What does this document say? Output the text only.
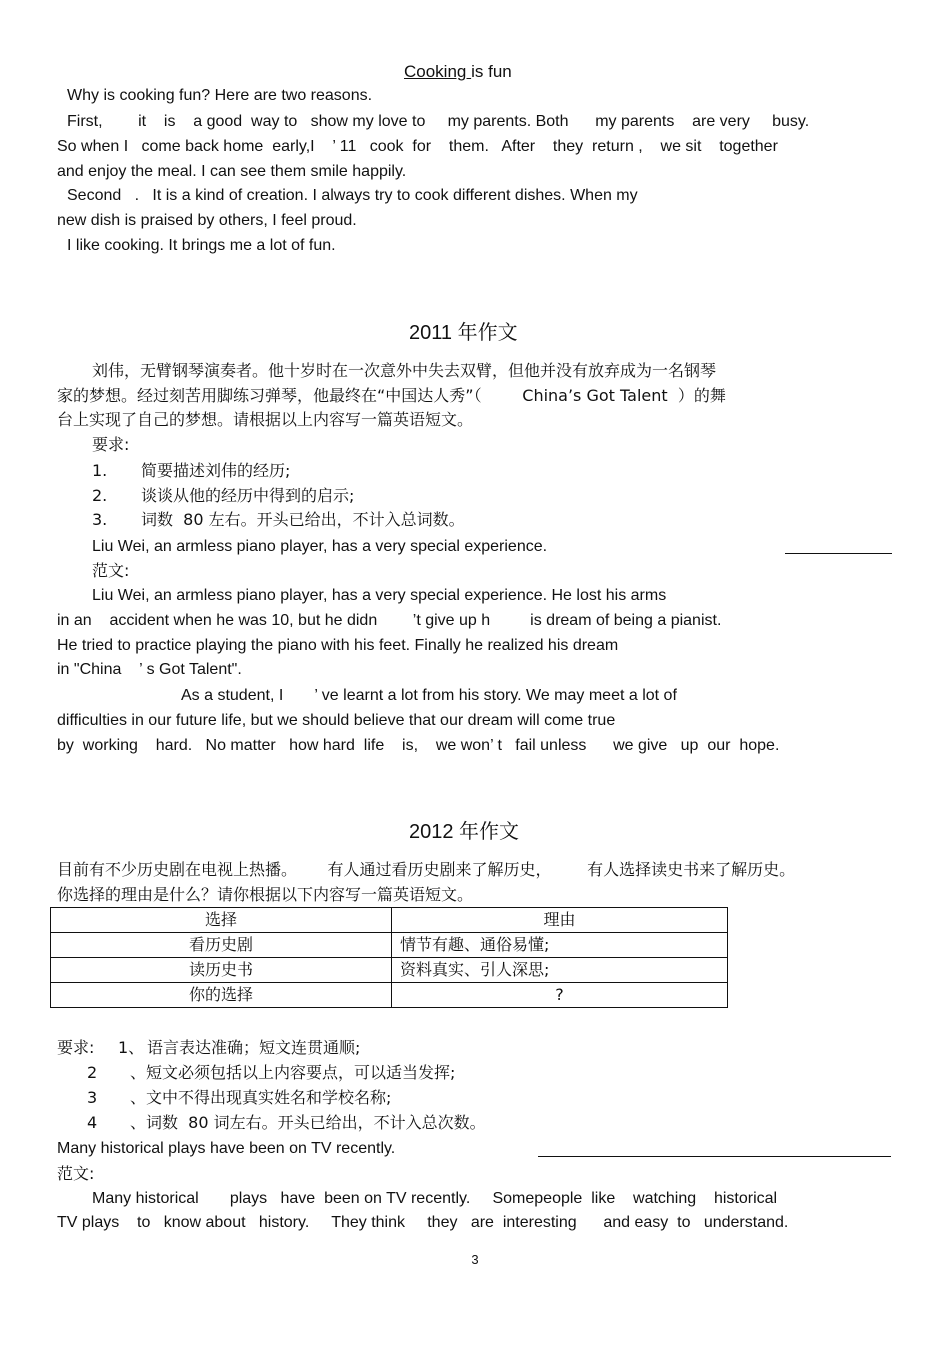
Cooking is fun
Why is cooking fun? Here are two reasons.
First,        it    is    a good  way to   show my love to     my parents. Both      my parents    are very     busy.
So when I   come back home  early,I    ’ 11   cook  for    them.   After    they  return ,    we sit    together
and enjoy the meal. I can see them smile happily.
Second   .   It is a kind of creation. I always try to cook different dishes. When my
new dish is praised by others, I feel proud.
I like cooking. It brings me a lot of fun.
2011 年作文
刘伟，无臂钢琴演奏者。他十岁时在一次意外中失去双臂，但他并没有放弃成为一名钢琴
家的梦想。经过刻苦用脚练习弹琴，他最终在“中国达人秀”（        China’s Got Talent  ）的舞
台上实现了自己的梦想。请根据以上内容写一篇英语短文。
要求:
1. 简要描述刘伟的经历;
2. 谈谈从他的经历中得到的启示;
3. 词数  80 左右。开头已给出，不计入总词数。
Liu Wei, an armless piano player, has a very special experience.
范文:
Liu Wei, an armless piano player, has a very special experience. He lost his arms
in an    accident when he was 10, but he didn        ’t give up h         is dream of being a pianist.
He tried to practice playing the piano with his feet. Finally he realized his dream
in "China    ’ s Got Talent".
As a student, I       ’ ve learnt a lot from his story. We may meet a lot of
difficulties in our future life, but we should believe that our dream will come true
by  working    hard.   No matter   how hard  life    is,    we won’ t   fail unless      we give   up  our  hope.
2012 年作文
目前有不少历史剧在电视上热播。      有人通过看历史剧来了解历史，       有人选择读史书来了解历史。
你选择的理由是什么？请你根据以下内容写一篇英语短文。
选择	理由
看历史剧	情节有趣、通俗易懂;
读历史书	资料真实、引人深思;
你的选择	?
要求: 1、 语言表达准确；短文连贯通顺;
2 、短文必须包括以上内容要点，可以适当发挥;
3 、文中不得出现真实姓名和学校名称;
4 、词数  80 词左右。开头已给出，不计入总次数。
Many historical plays have been on TV recently.
范文:
Many historical       plays   have  been on TV recently.     Somepeople  like    watching    historical
TV plays    to   know about   history.     They think     they   are  interesting      and easy  to   understand.
3
